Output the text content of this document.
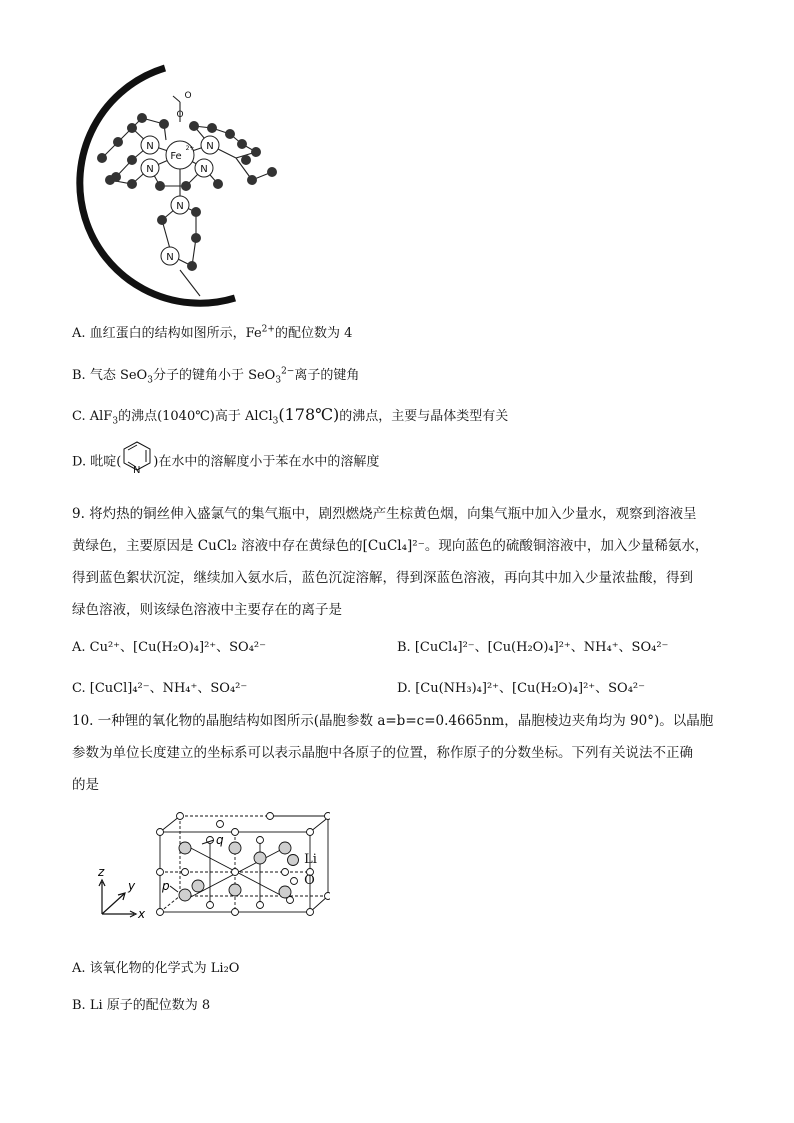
N	N
N	N
N
N
Fe
2+
O
O
A. 血红蛋白的结构如图所示，$Fe^{2+}$的配位数为 4
B. 气态 SeO$_3$分子的键角小于 SeO$_3^{2-}$离子的键角
C. AlF$_3$的沸点(1040℃)高于 AlCl$_3$(178℃)的沸点，主要与晶体类型有关
D. 吡啶(
N
)在水中的溶解度小于苯在水中的溶解度
9. 将灼热的铜丝伸入盛氯气的集气瓶中，剧烈燃烧产生棕黄色烟，向集气瓶中加入少量水，观察到溶液呈
黄绿色，主要原因是 CuCl₂ 溶液中存在黄绿色的[CuCl₄]²⁻。现向蓝色的硫酸铜溶液中，加入少量稀氨水，
得到蓝色絮状沉淀，继续加入氨水后，蓝色沉淀溶解，得到深蓝色溶液，再向其中加入少量浓盐酸，得到
绿色溶液，则该绿色溶液中主要存在的离子是
A. Cu²⁺、[Cu(H₂O)₄]²⁺、SO₄²⁻	B. [CuCl₄]²⁻、[Cu(H₂O)₄]²⁺、NH₄⁺、SO₄²⁻
C. [CuCl]₄²⁻、NH₄⁺、SO₄²⁻	D. [Cu(NH₃)₄]²⁺、[Cu(H₂O)₄]²⁺、SO₄²⁻
10. 一种锂的氧化物的晶胞结构如图所示(晶胞参数 a=b=c=0.4665nm，晶胞棱边夹角均为 90°)。以晶胞
参数为单位长度建立的坐标系可以表示晶胞中各原子的位置，称作原子的分数坐标。下列有关说法不正确
的是
z
y
x
q
p
Li
O
A. 该氧化物的化学式为 Li₂O
B. Li 原子的配位数为 8
